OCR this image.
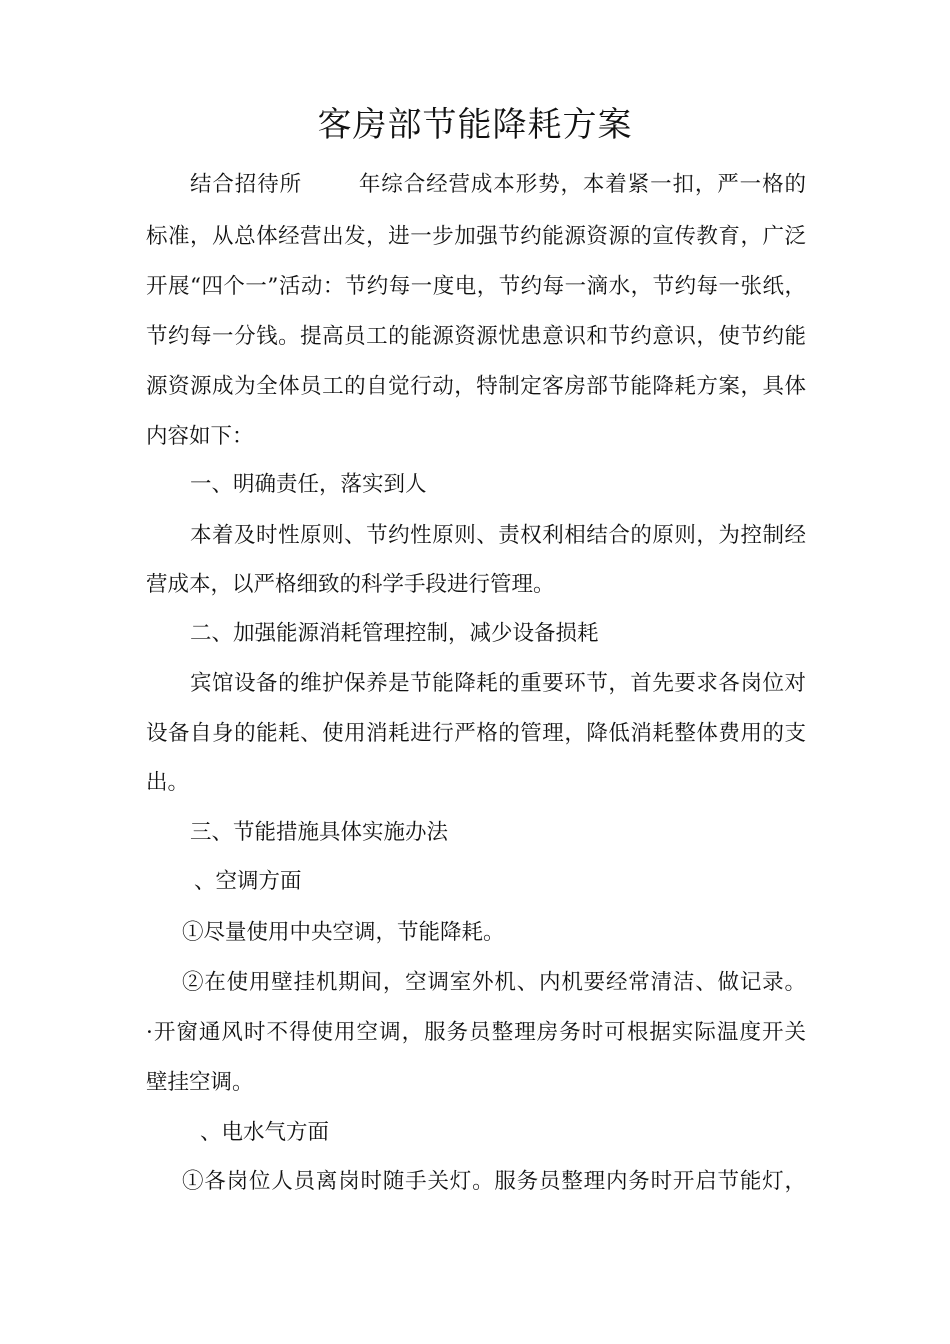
客房部节能降耗方案
结合招待所	年综合经营成本形势，本着紧一扣，严一格的
标准，从总体经营出发，进一步加强节约能源资源的宣传教育，广泛
开展“四个一”活动：节约每一度电，节约每一滴水，节约每一张纸，
节约每一分钱。提高员工的能源资源忧患意识和节约意识，使节约能
源资源成为全体员工的自觉行动，特制定客房部节能降耗方案，具体
内容如下：
一、明确责任，落实到人
本着及时性原则、节约性原则、责权利相结合的原则，为控制经
营成本，以严格细致的科学手段进行管理。
二、加强能源消耗管理控制，减少设备损耗
宾馆设备的维护保养是节能降耗的重要环节，首先要求各岗位对
设备自身的能耗、使用消耗进行严格的管理，降低消耗整体费用的支
出。
三、节能措施具体实施办法
、空调方面
①尽量使用中央空调，节能降耗。
②在使用壁挂机期间，空调室外机、内机要经常清洁、做记录。
·开窗通风时不得使用空调，服务员整理房务时可根据实际温度开关
壁挂空调。
、电水气方面
①各岗位人员离岗时随手关灯。服务员整理内务时开启节能灯，
